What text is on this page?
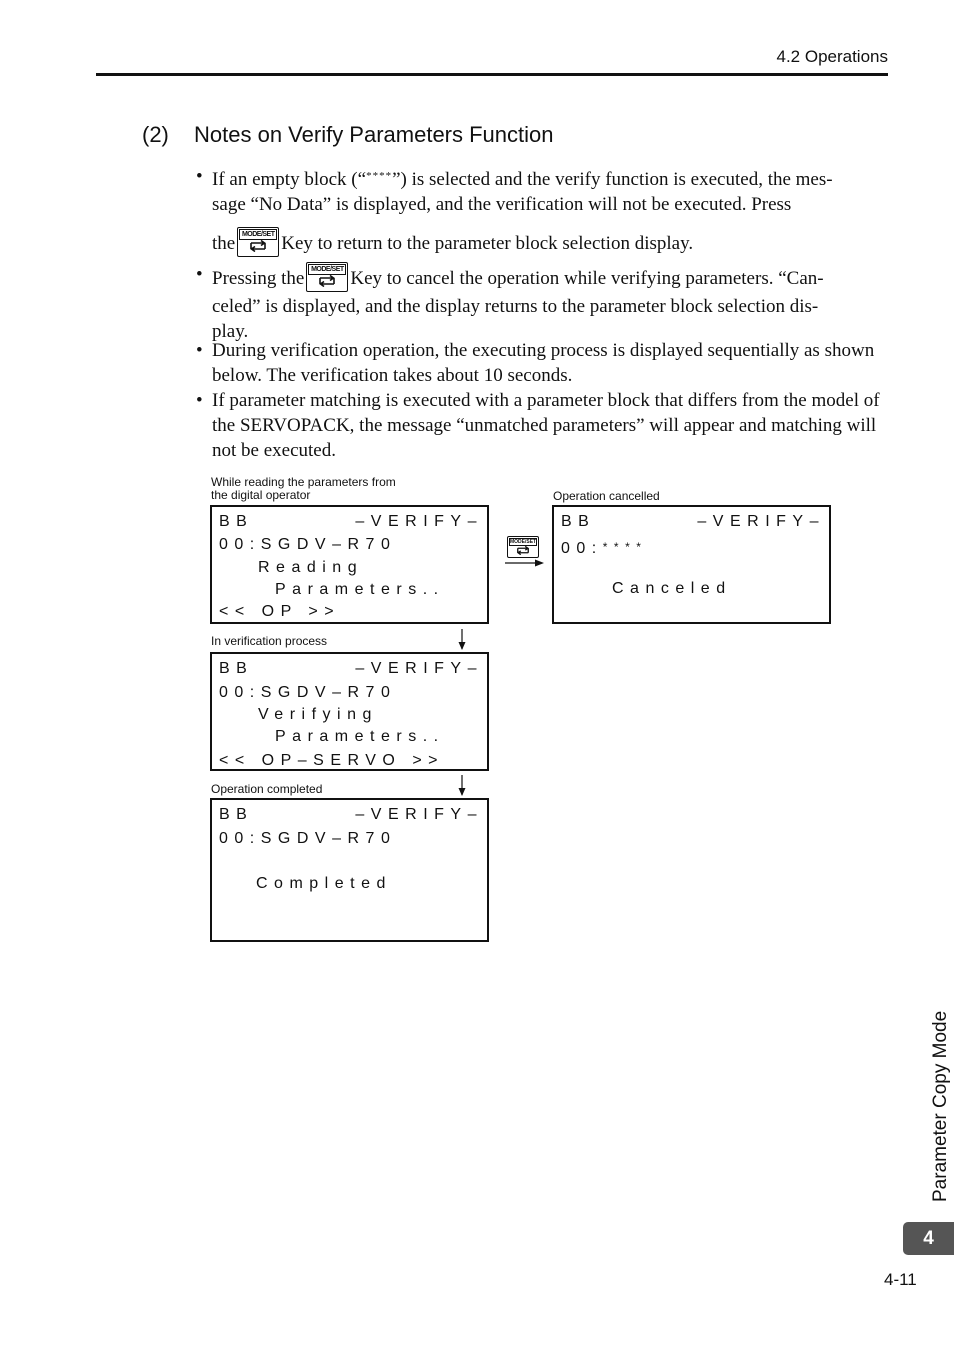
4.2 Operations
(2) Notes on Verify Parameters Function
• If an empty block (“****”) is selected and the verify function is executed, the mes-
sage “No Data” is displayed, and the verification will not be executed. Press
the MODE/SET Key to return to the parameter block selection display.
• Pressing the MODE/SET Key to cancel the operation while verifying parameters. “Can-
celed” is displayed, and the display returns to the parameter block selection dis-
play.
• During verification operation, the executing process is displayed sequentially as shown below. The verification takes about 10 seconds.
• If parameter matching is executed with a parameter block that differs from the model of the SERVOPACK, the message “unmatched parameters” will appear and matching will not be executed.
While reading the parameters from
the digital operator
BB	–VERIFY–
00:SGDV–R70
Reading
Parameters..
<< OP >>
In verification process
BB	–VERIFY–
00:SGDV–R70
Verifying
Parameters..
<< OP–SERVO >>
Operation completed
BB	–VERIFY–
00:SGDV–R70
Completed
MODE/SET
Operation cancelled
BB	–VERIFY–
00:****
Canceled
Parameter Copy Mode
4
4-11
